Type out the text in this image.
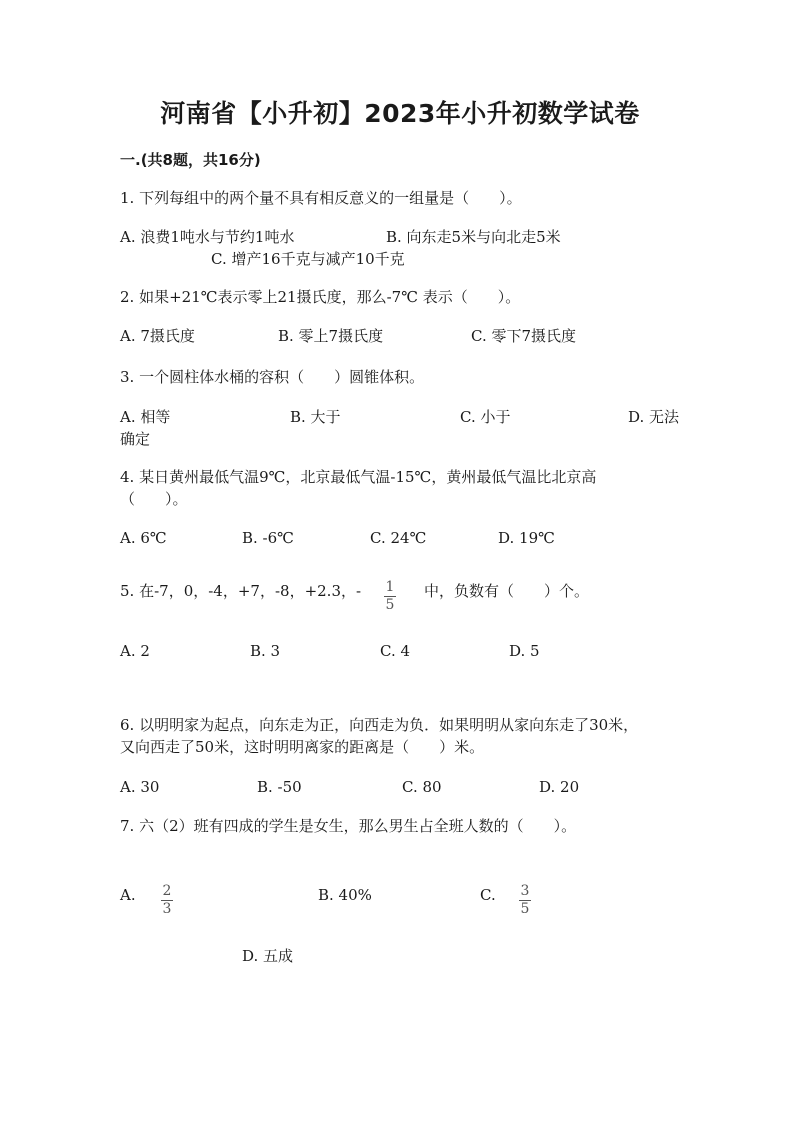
河南省【小升初】2023年小升初数学试卷
一.(共8题，共16分)
1. 下列每组中的两个量不具有相反意义的一组量是（　　）。
A. 浪费1吨水与节约1吨水	B. 向东走5米与向北走5米
C. 增产16千克与减产10千克
2. 如果+21℃表示零上21摄氏度，那么-7℃ 表示（　　）。
A. 7摄氏度	B. 零上7摄氏度	C. 零下7摄氏度
3. 一个圆柱体水桶的容积（　　）圆锥体积。
A. 相等	B. 大于	C. 小于	D. 无法
确定
4. 某日黄州最低气温9℃，北京最低气温-15℃，黄州最低气温比北京高
（　　）。
A. 6℃	B. -6℃	C. 24℃	D. 19℃
5. 在-7，0，-4，+7，-8，+2.3，- $\frac{1}{5}$ 中，负数有（　　）个。
A. 2	B. 3	C. 4	D. 5
6. 以明明家为起点，向东走为正，向西走为负．如果明明从家向东走了30米，
又向西走了50米，这时明明离家的距离是（　　）米。
A. 30	B. -50	C. 80	D. 20
7. 六（2）班有四成的学生是女生，那么男生占全班人数的（　　）。
A. $\frac{2}{3}$	B. 40%	C. $\frac{3}{5}$
D. 五成
